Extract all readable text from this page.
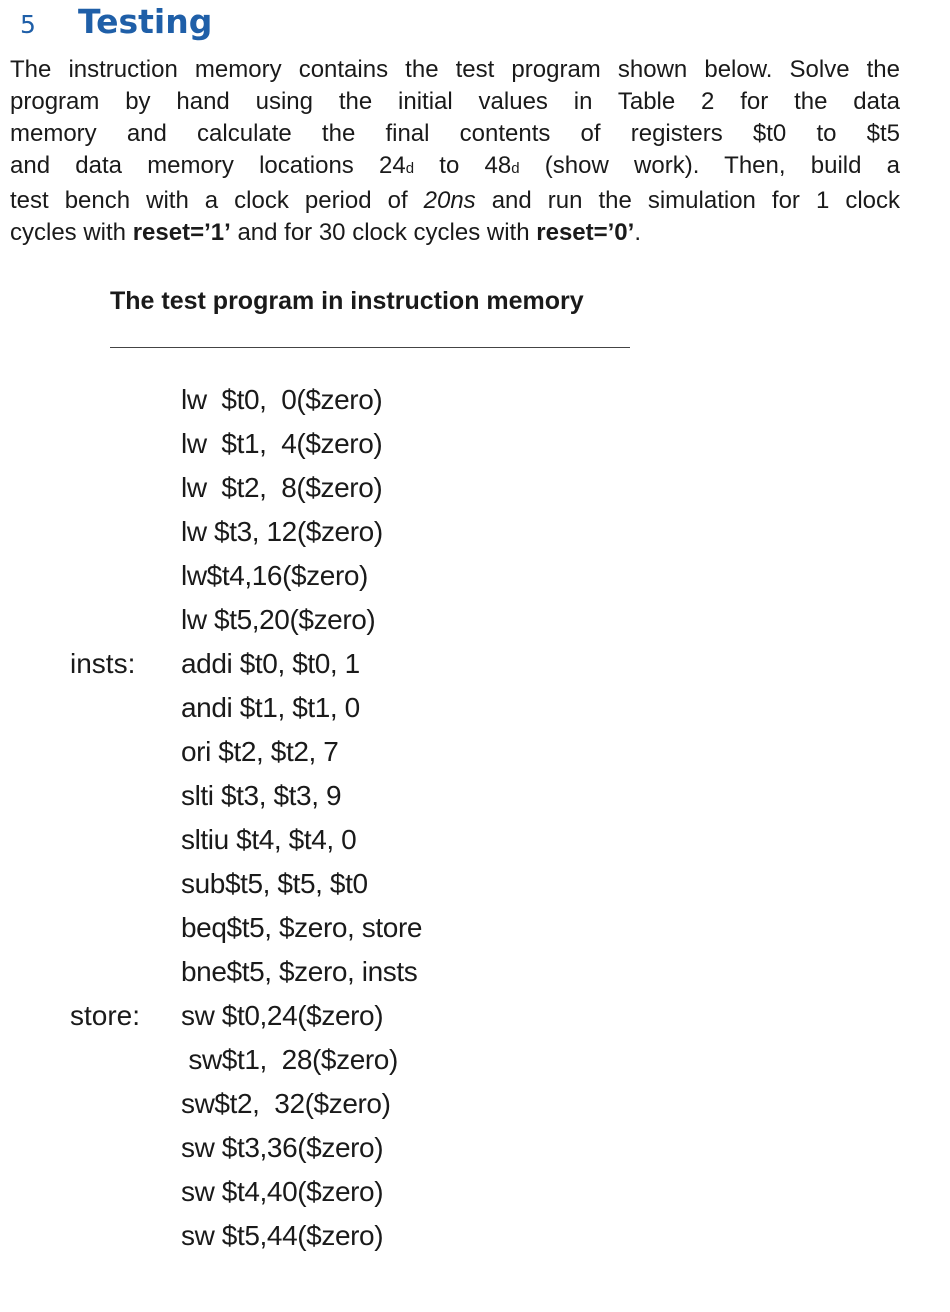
5	Testing
The instruction memory contains the test program shown below. Solve the
program by hand using the initial values in Table 2 for the data
memory and calculate the final contents of registers $t0 to $t5
and data memory locations 24d to 48d (show work). Then, build a
test bench with a clock period of 20ns and run the simulation for 1 clock
cycles with reset=’1’ and for 30 clock cycles with reset=’0’.
The test program in instruction memory
lw  $t0,  0($zero)
lw  $t1,  4($zero)
lw  $t2,  8($zero)
lw $t3, 12($zero)
lw$t4,16($zero)
lw $t5,20($zero)
insts: addi $t0, $t0, 1
andi $t1, $t1, 0
ori $t2, $t2, 7
slti $t3, $t3, 9
sltiu $t4, $t4, 0
sub$t5, $t5, $t0
beq$t5, $zero, store
bne$t5, $zero, insts
store: sw $t0,24($zero)
sw$t1,  28($zero)
sw$t2,  32($zero)
sw $t3,36($zero)
sw $t4,40($zero)
sw $t5,44($zero)
